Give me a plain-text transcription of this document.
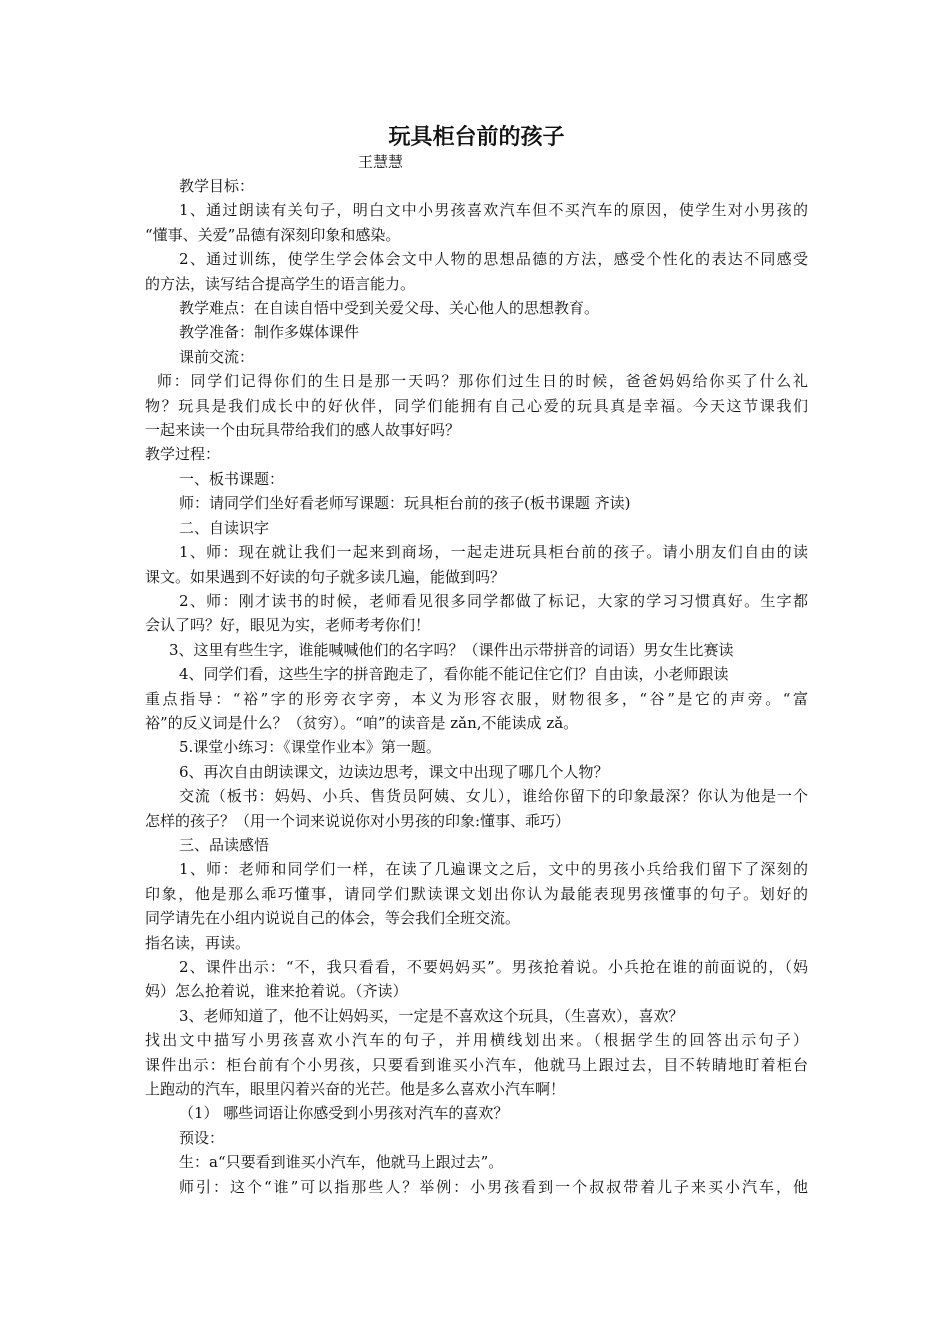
玩具柜台前的孩子
王慧慧
教学目标：
1、通过朗读有关句子，明白文中小男孩喜欢汽车但不买汽车的原因，使学生对小男孩的
“懂事、关爱”品德有深刻印象和感染。
2、通过训练，使学生学会体会文中人物的思想品德的方法，感受个性化的表达不同感受
的方法，读写结合提高学生的语言能力。
教学难点：在自读自悟中受到关爱父母、关心他人的思想教育。
教学准备：制作多媒体课件
课前交流：
师：同学们记得你们的生日是那一天吗？那你们过生日的时候，爸爸妈妈给你买了什么礼
物？玩具是我们成长中的好伙伴，同学们能拥有自己心爱的玩具真是幸福。今天这节课我们
一起来读一个由玩具带给我们的感人故事好吗？
教学过程：
一、板书课题：
师：请同学们坐好看老师写课题：玩具柜台前的孩子(板书课题 齐读)
二、自读识字
1、师：现在就让我们一起来到商场，一起走进玩具柜台前的孩子。请小朋友们自由的读
课文。如果遇到不好读的句子就多读几遍，能做到吗？
2、师：刚才读书的时候，老师看见很多同学都做了标记，大家的学习习惯真好。生字都
会认了吗？好，眼见为实，老师考考你们！
3、这里有些生字，谁能喊喊他们的名字吗？（课件出示带拼音的词语）男女生比赛读
4、同学们看，这些生字的拼音跑走了，看你能不能记住它们？自由读，小老师跟读
重点指导：“裕”字的形旁衣字旁，本义为形容衣服，财物很多，“谷”是它的声旁。“富
裕”的反义词是什么？（贫穷）。“咱”的读音是 zǎn,不能读成 zǎ。
5.课堂小练习：《课堂作业本》第一题。
6、再次自由朗读课文，边读边思考，课文中出现了哪几个人物？
交流（板书：妈妈、小兵、售货员阿姨、女儿），谁给你留下的印象最深？你认为他是一个
怎样的孩子？（用一个词来说说你对小男孩的印象:懂事、乖巧）
三、品读感悟
1、师：老师和同学们一样，在读了几遍课文之后，文中的男孩小兵给我们留下了深刻的
印象，他是那么乖巧懂事，请同学们默读课文划出你认为最能表现男孩懂事的句子。划好的
同学请先在小组内说说自己的体会，等会我们全班交流。
指名读，再读。
2、课件出示：“不，我只看看，不要妈妈买”。男孩抢着说。小兵抢在谁的前面说的，（妈
妈）怎么抢着说，谁来抢着说。（齐读）
3、老师知道了，他不让妈妈买，一定是不喜欢这个玩具，（生喜欢），喜欢？
找出文中描写小男孩喜欢小汽车的句子，并用横线划出来。（根据学生的回答出示句子）
课件出示：柜台前有个小男孩，只要看到谁买小汽车，他就马上跟过去，目不转睛地盯着柜台
上跑动的汽车，眼里闪着兴奋的光芒。他是多么喜欢小汽车啊！
（1） 哪些词语让你感受到小男孩对汽车的喜欢？
预设：
生：a“只要看到谁买小汽车，他就马上跟过去”。
师引：这个“谁”可以指那些人？举例：小男孩看到一个叔叔带着儿子来买小汽车，他
